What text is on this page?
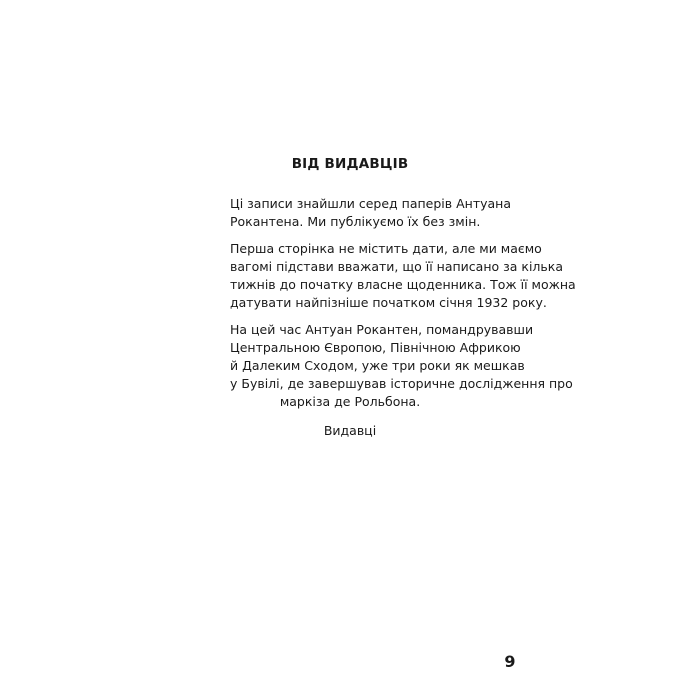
ВІД ВИДАВЦІВ

Ці записи знайшли серед паперів Антуана
Рокантена. Ми публікуємо їх без змін.

Перша сторінка не містить дати, але ми маємо
вагомі підстави вважати, що її написано за кілька
тижнів до початку власне щоденника. Тож її можна
датувати найпізніше початком січня 1932 року.

На цей час Антуан Рокантен, помандрувавши
Центральною Європою, Північною Африкою
й Далеким Сходом, уже три роки як мешкав
у Бувілі, де завершував історичне дослідження про
маркіза де Рольбона.

Видавці

9
